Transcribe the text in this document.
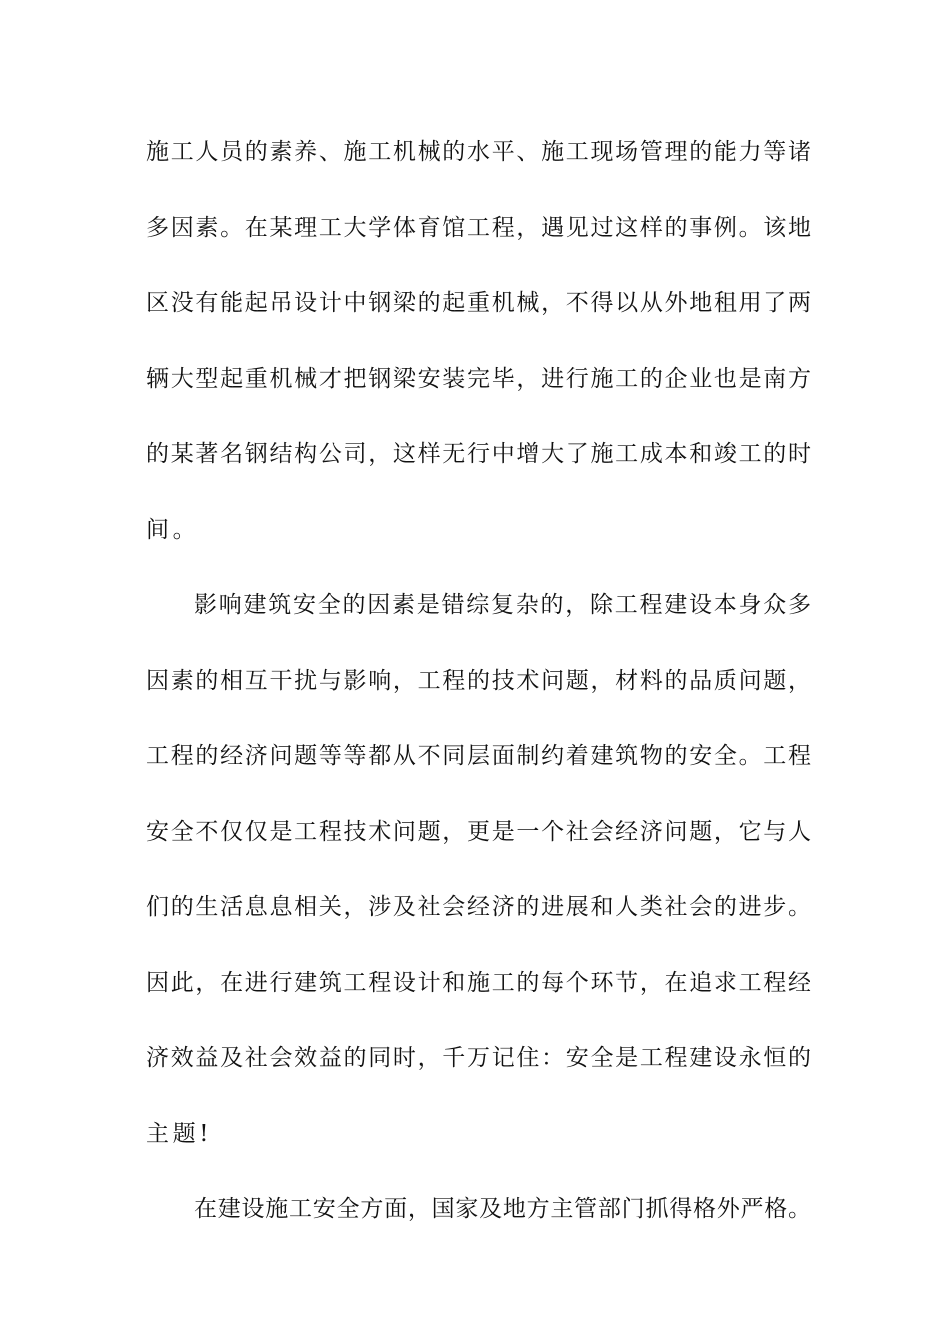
施工人员的素养、施工机械的水平、施工现场管理的能力等诸
多因素。在某理工大学体育馆工程，遇见过这样的事例。该地
区没有能起吊设计中钢梁的起重机械，不得以从外地租用了两
辆大型起重机械才把钢梁安装完毕，进行施工的企业也是南方
的某著名钢结构公司，这样无行中增大了施工成本和竣工的时
间。
影响建筑安全的因素是错综复杂的，除工程建设本身众多
因素的相互干扰与影响，工程的技术问题，材料的品质问题，
工程的经济问题等等都从不同层面制约着建筑物的安全。工程
安全不仅仅是工程技术问题，更是一个社会经济问题，它与人
们的生活息息相关，涉及社会经济的进展和人类社会的进步。
因此，在进行建筑工程设计和施工的每个环节，在追求工程经
济效益及社会效益的同时，千万记住：安全是工程建设永恒的
主题!
在建设施工安全方面，国家及地方主管部门抓得格外严格。
